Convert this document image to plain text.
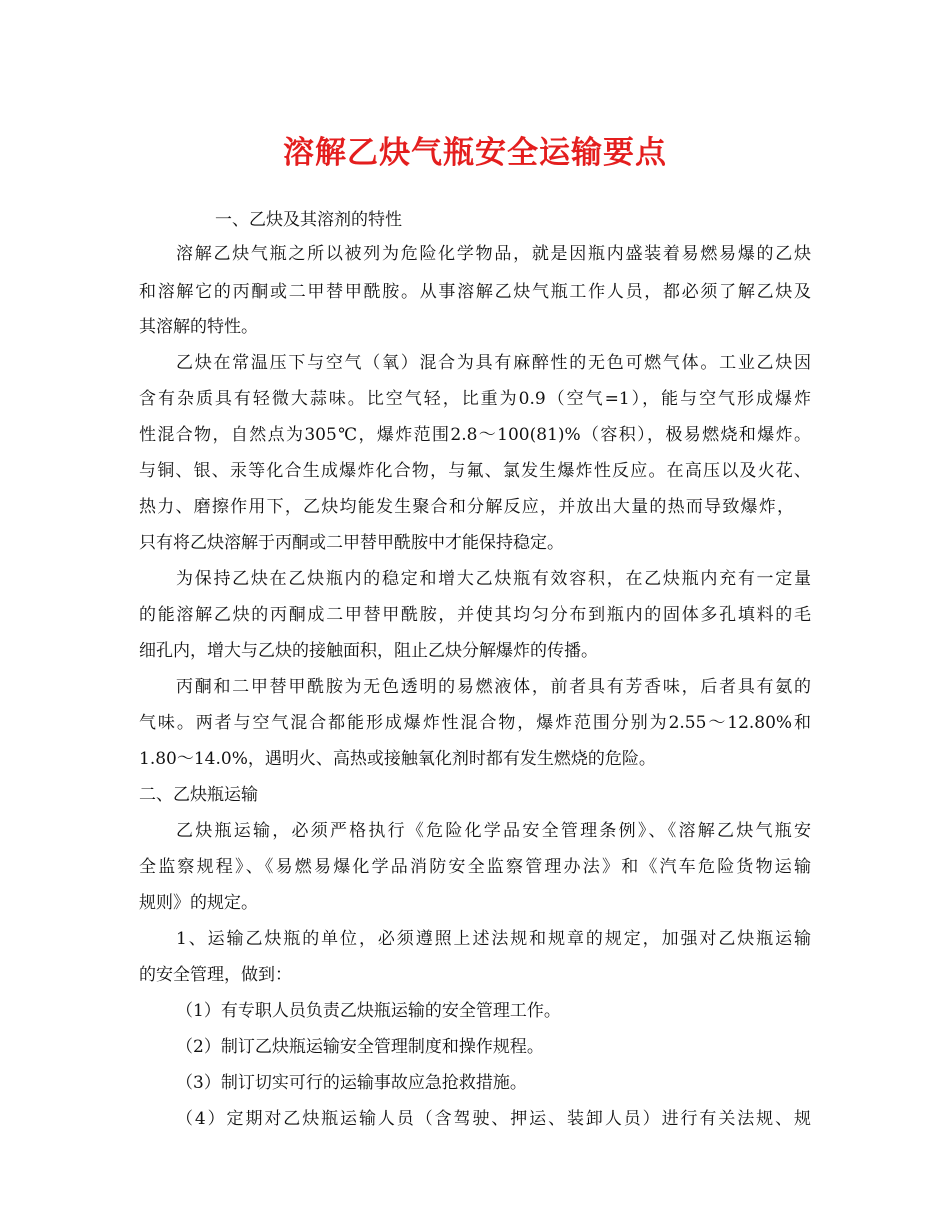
溶解乙炔气瓶安全运输要点
一、乙炔及其溶剂的特性
溶解乙炔气瓶之所以被列为危险化学物品，就是因瓶内盛装着易燃易爆的乙炔
和溶解它的丙酮或二甲替甲酰胺。从事溶解乙炔气瓶工作人员，都必须了解乙炔及
其溶解的特性。
乙炔在常温压下与空气（氧）混合为具有麻醉性的无色可燃气体。工业乙炔因
含有杂质具有轻微大蒜味。比空气轻，比重为0.9（空气=1），能与空气形成爆炸
性混合物，自然点为305℃，爆炸范围2.8～100(81)%（容积），极易燃烧和爆炸。
与铜、银、汞等化合生成爆炸化合物，与氟、氯发生爆炸性反应。在高压以及火花、
热力、磨擦作用下，乙炔均能发生聚合和分解反应，并放出大量的热而导致爆炸，
只有将乙炔溶解于丙酮或二甲替甲酰胺中才能保持稳定。
为保持乙炔在乙炔瓶内的稳定和增大乙炔瓶有效容积，在乙炔瓶内充有一定量
的能溶解乙炔的丙酮成二甲替甲酰胺，并使其均匀分布到瓶内的固体多孔填料的毛
细孔内，增大与乙炔的接触面积，阻止乙炔分解爆炸的传播。
丙酮和二甲替甲酰胺为无色透明的易燃液体，前者具有芳香味，后者具有氨的
气味。两者与空气混合都能形成爆炸性混合物，爆炸范围分别为2.55～12.80%和
1.80～14.0%，遇明火、高热或接触氧化剂时都有发生燃烧的危险。
二、乙炔瓶运输
乙炔瓶运输，必须严格执行《危险化学品安全管理条例》、《溶解乙炔气瓶安
全监察规程》、《易燃易爆化学品消防安全监察管理办法》和《汽车危险货物运输
规则》的规定。
1、运输乙炔瓶的单位，必须遵照上述法规和规章的规定，加强对乙炔瓶运输
的安全管理，做到：
（1）有专职人员负责乙炔瓶运输的安全管理工作。
（2）制订乙炔瓶运输安全管理制度和操作规程。
（3）制订切实可行的运输事故应急抢救措施。
（4）定期对乙炔瓶运输人员（含驾驶、押运、装卸人员）进行有关法规、规
